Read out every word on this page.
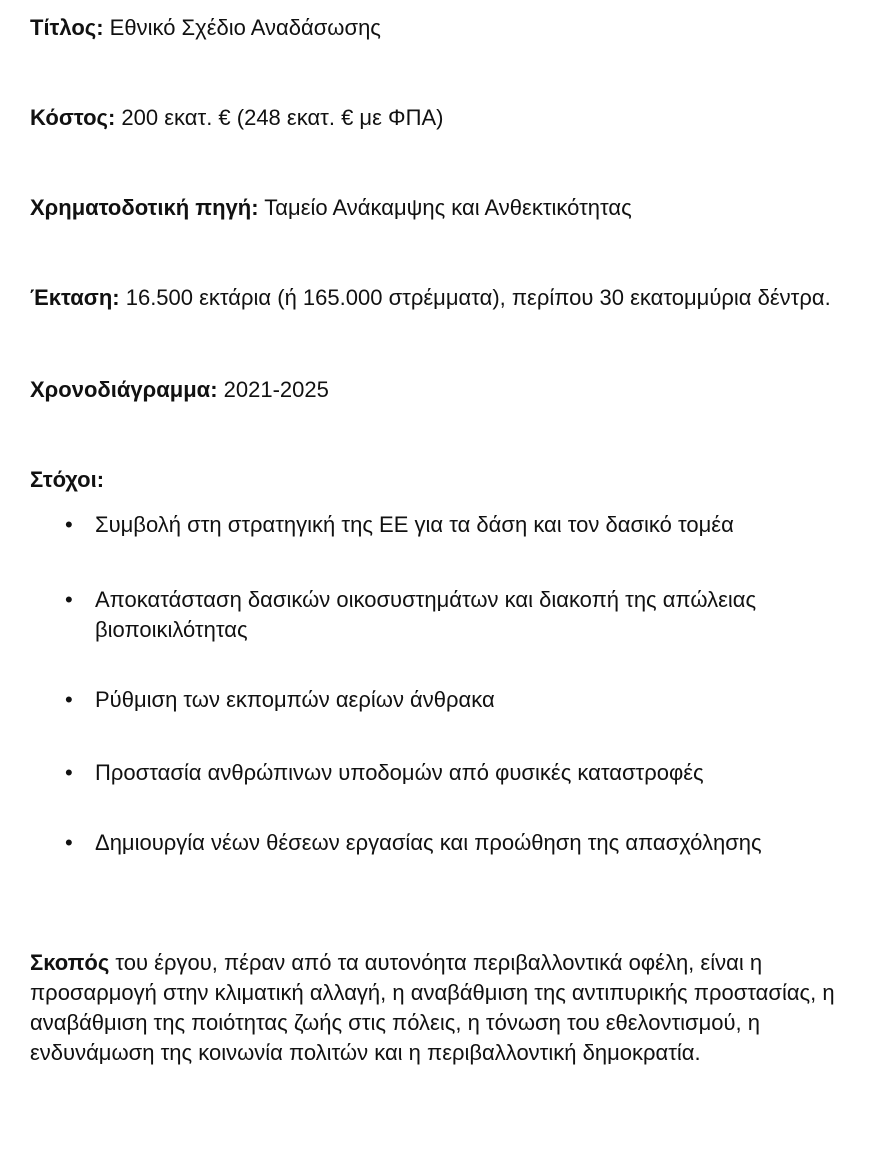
Τίτλος: Εθνικό Σχέδιο Αναδάσωσης

Κόστος: 200 εκατ. € (248 εκατ. € με ΦΠΑ)

Χρηματοδοτική πηγή: Ταμείο Ανάκαμψης και Ανθεκτικότητας

Έκταση: 16.500 εκτάρια (ή 165.000 στρέμματα), περίπου 30 εκατομμύρια δέντρα.

Χρονοδιάγραμμα: 2021-2025

Στόχοι:

•	Συμβολή στη στρατηγική της ΕΕ για τα δάση και τον δασικό τομέα
•	Αποκατάσταση δασικών οικοσυστημάτων και διακοπή της απώλειας βιοποικιλότητας
•	Ρύθμιση των εκπομπών αερίων άνθρακα
•	Προστασία ανθρώπινων υποδομών από φυσικές καταστροφές
•	Δημιουργία νέων θέσεων εργασίας και προώθηση της απασχόλησης

Σκοπός του έργου, πέραν από τα αυτονόητα περιβαλλοντικά οφέλη, είναι η προσαρμογή στην κλιματική αλλαγή, η αναβάθμιση της αντιπυρικής προστασίας, η αναβάθμιση της ποιότητας ζωής στις πόλεις, η τόνωση του εθελοντισμού, η ενδυνάμωση της κοινωνία πολιτών και η περιβαλλοντική δημοκρατία.
